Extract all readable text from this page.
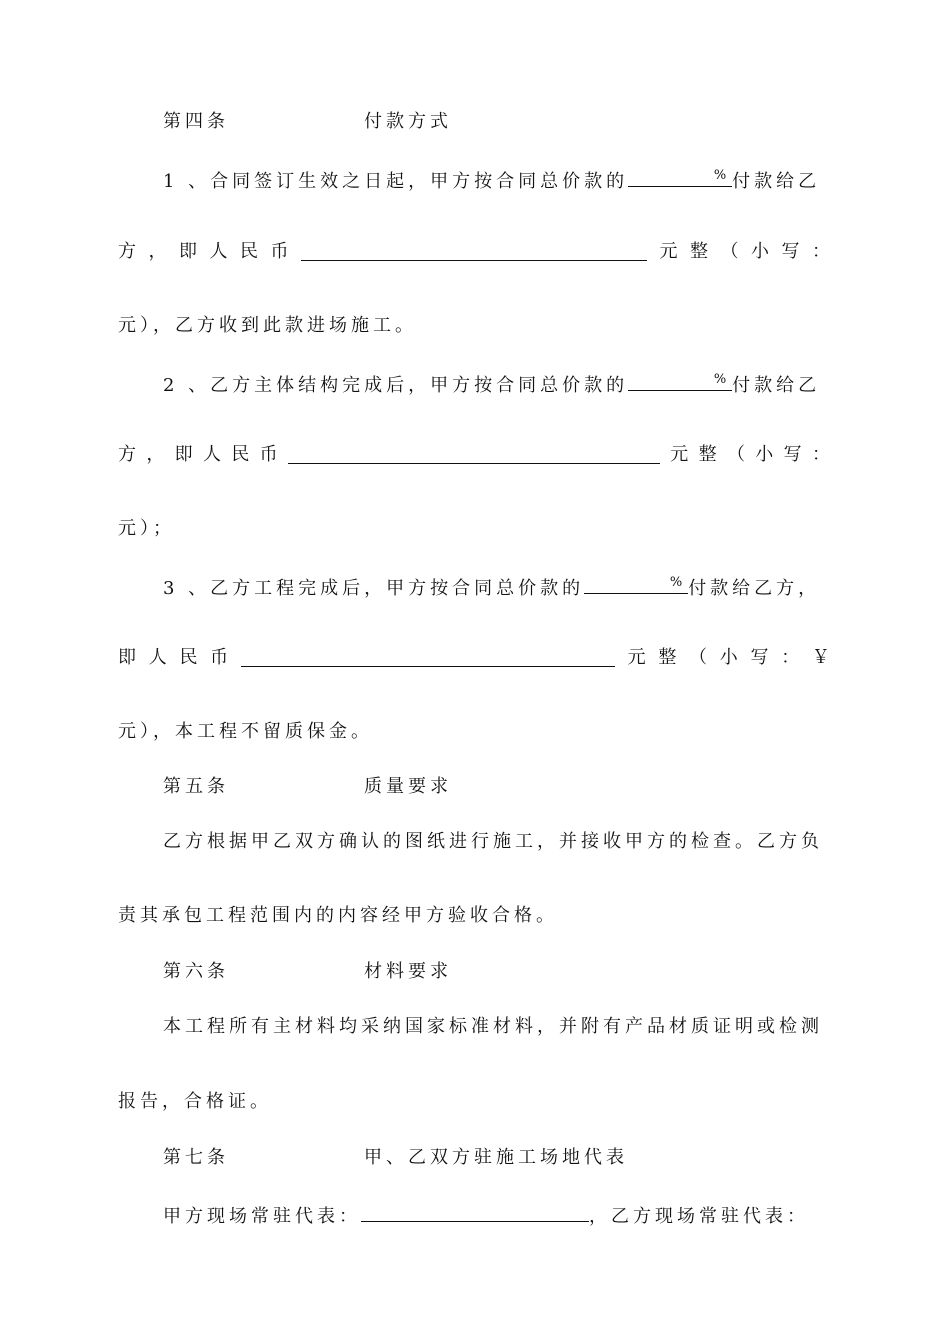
第四条	付款方式
1 、合同签订生效之日起，甲方按合同总价款的	% 付款给乙
方 ， 即 人 民 币	元 整 （ 小 写 ：
元），乙方收到此款进场施工。
2 、乙方主体结构完成后，甲方按合同总价款的	% 付款给乙
方 ， 即 人 民 币	元 整 （ 小 写 ：
元）；
3 、乙方工程完成后，甲方按合同总价款的	% 付款给乙方，
即 人 民 币	元 整 （ 小 写 ： ￥
元），本工程不留质保金。
第五条	质量要求
乙方根据甲乙双方确认的图纸进行施工，并接收甲方的检查。乙方负
责其承包工程范围内的内容经甲方验收合格。
第六条	材料要求
本工程所有主材料均采纳国家标准材料，并附有产品材质证明或检测
报告，合格证。
第七条	甲、乙双方驻施工场地代表
甲方现场常驻代表：	，乙方现场常驻代表：
